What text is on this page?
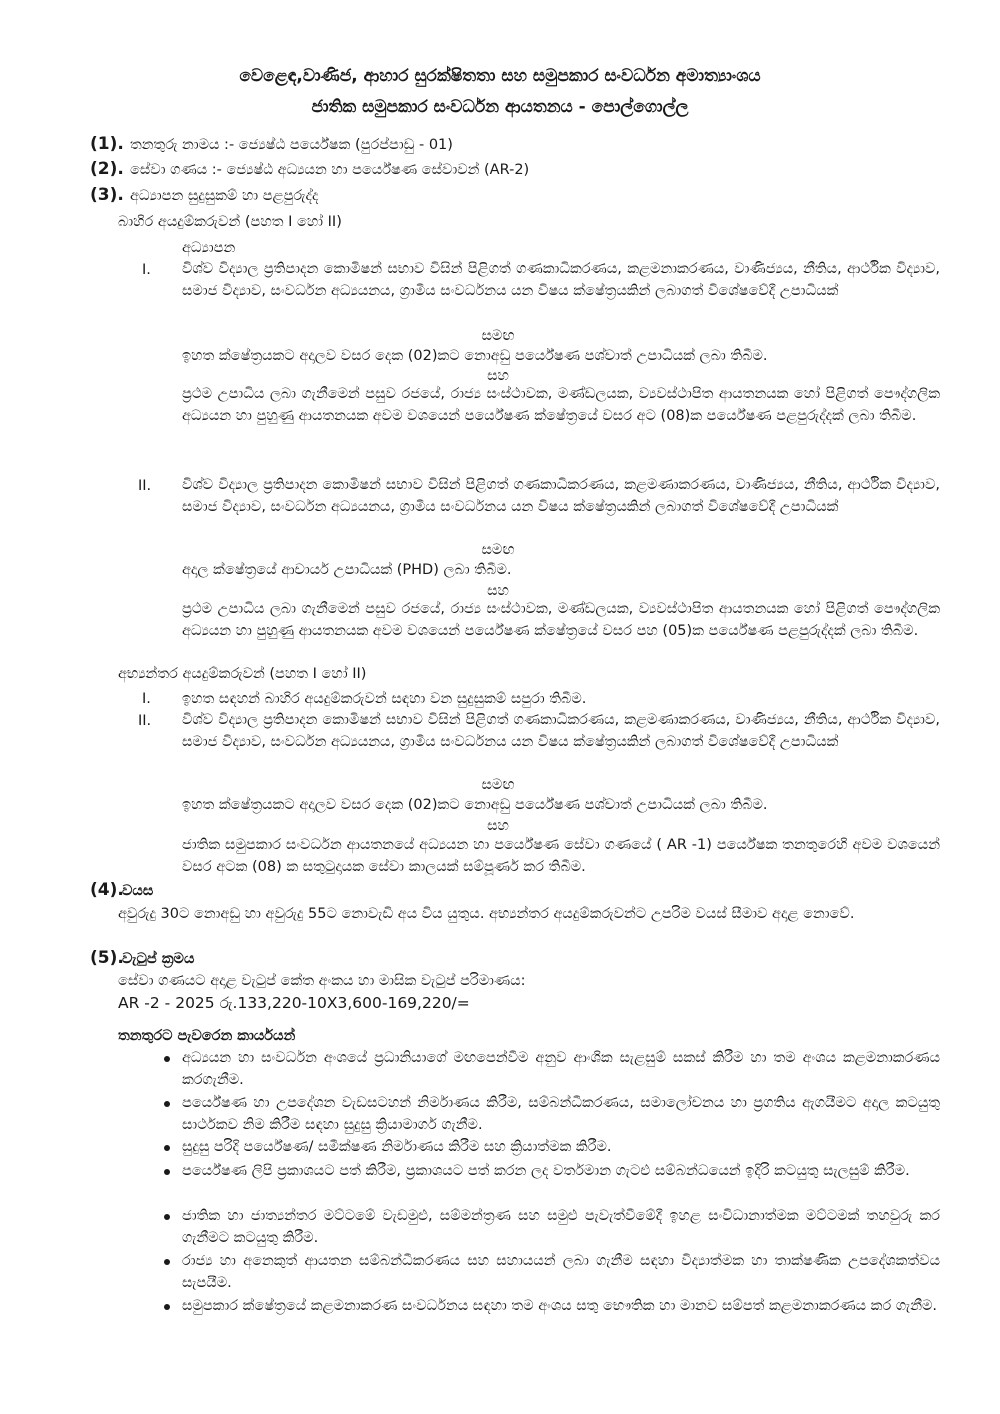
වෙළෙඳ,වාණිජ, ආහාර සුරක්ෂිතතා සහ සමුපකාර සංවර්ධන අමාත්‍යාංශය
ජාතික සමුපකාර සංවර්ධන ආයතනය - පොල්ගොල්ල
(1). තනතුරු නාමය :- ජ්‍යෙෂ්ඨ පර්යේෂක (පුරප්පාඩු - 01)
(2). සේවා ගණය :- ජ්‍යෙෂ්ඨ අධ්‍යයන හා පර්යේෂණ සේවාවන් (AR-2)
(3). අධ්‍යාපන සුදුසුකම් හා පළපුරුද්ද
බාහිර අයදුම්කරුවන් (පහත I හෝ II)
අධ්‍යාපන
I. විශ්ව විද්‍යාල ප්‍රතිපාදන කොමිෂන් සභාව විසින් පිළිගත් ගණකාධිකරණය, කළමනාකරණය, වාණිජ්‍යය, නීතිය, ආර්ථික විද්‍යාව, සමාජ විද්‍යාව, සංවර්ධන අධ්‍යයනය, ග්‍රාමීය සංවර්ධනය යන විෂය ක්ෂේත්‍රයකින් ලබාගත් විශේෂවේදී උපාධියක්
සමඟ
ඉහත ක්ෂේත්‍රයකට අදාලව වසර දෙක (02)කට නොඅඩු පර්යේෂණ පශ්චාත් උපාධියක් ලබා තිබීම.
සහ
ප්‍රථම උපාධිය ලබා ගැනීමෙන් පසුව රජයේ, රාජ්‍ය සංස්ථාවක, මණ්ඩලයක, ව්‍යවස්ථාපිත ආයතනයක හෝ පිළිගත් පෞද්ගලික අධ්‍යයන හා පුහුණු ආයතනයක අවම වශයෙන් පර්යේෂණ ක්ෂේත්‍රයේ වසර අට (08)ක පර්යේෂණ පළපුරුද්දක් ලබා තිබීම.
II. විශ්ව විද්‍යාල ප්‍රතිපාදන කොමිෂන් සභාව විසින් පිළිගත් ගණකාධිකරණය, කළමණාකරණය, වාණිජ්‍යය, නීතිය, ආර්ථික විද්‍යාව, සමාජ විද්‍යාව, සංවර්ධන අධ්‍යයනය, ග්‍රාමීය සංවර්ධනය යන විෂය ක්ෂේත්‍රයකින් ලබාගත් විශේෂවේදී උපාධියක්
සමඟ
අදාල ක්ෂේත්‍රයේ ආචාර්ය උපාධියක් (PHD) ලබා තිබීම.
සහ
ප්‍රථම උපාධිය ලබා ගැනීමෙන් පසුව රජයේ, රාජ්‍ය සංස්ථාවක, මණ්ඩලයක, ව්‍යවස්ථාපිත ආයතනයක හෝ පිළිගත් පෞද්ගලික අධ්‍යයන හා පුහුණු ආයතනයක අවම වශයෙන් පර්යේෂණ ක්ෂේත්‍රයේ වසර පහ (05)ක පර්යේෂණ පළපුරුද්දක් ලබා තිබීම.
අභ්‍යන්තර අයදුම්කරුවන් (පහත I හෝ II)
I. ඉහත සඳහන් බාහිර අයදුම්කරුවන් සඳහා වන සුදුසුකම් සපුරා තිබීම.
II. විශ්ව විද්‍යාල ප්‍රතිපාදන කොමිෂන් සභාව විසින් පිළිගත් ගණකාධිකරණය, කළමණාකරණය, වාණිජ්‍යය, නීතිය, ආර්ථික විද්‍යාව, සමාජ විද්‍යාව, සංවර්ධන අධ්‍යයනය, ග්‍රාමීය සංවර්ධනය යන විෂය ක්ෂේත්‍රයකින් ලබාගත් විශේෂවේදී උපාධියක්
සමඟ
ඉහත ක්ෂේත්‍රයකට අදාලව වසර දෙක (02)කට නොඅඩු පර්යේෂණ පශ්චාත් උපාධියක් ලබා තිබීම.
සහ
ජාතික සමුපකාර සංවර්ධන ආයතනයේ අධ්‍යයන හා පර්යේෂණ සේවා ගණයේ ( AR -1) පර්යේෂක තනතුරෙහි අවම වශයෙන් වසර අටක (08) ක සතුටුදායක සේවා කාලයක් සම්පූර්ණ කර තිබීම.
(4).
වයස
අවුරුදු 30ට නොඅඩු හා අවුරුදු 55ට නොවැඩි අය විය යුතුය. අභ්‍යන්තර අයදුම්කරුවන්ට උපරිම වයස් සීමාව අදාළ නොවේ.
(5).
වැටුප් ක්‍රමය
සේවා ගණයට අදාළ වැටුප් කේත අංකය හා මාසික වැටුප් පරිමාණය:
AR -2 - 2025 රු.133,220-10X3,600-169,220/=
තනතුරට පැවරෙන කාර්යයන්
අධ්‍යයන හා සංවර්ධන අංශයේ ප්‍රධානියාගේ මඟපෙන්වීම අනුව ආංශික සැළසුම් සකස් කිරීම හා තම අංශය කළමනාකරණය කරගැනීම.
පර්යේෂණ හා උපදේශන වැඩසටහන් නිර්මාණය කිරීම, සම්බන්ධීකරණය, සමාලෝචනය හා ප්‍රගතිය ඇගයීමට අදාල කටයුතු සාර්ථකව නිම කිරීම සඳහා සුදුසු ක්‍රියාමාර්ග ගැනීම.
සුදුසු පරිදි පර්යේෂණ/ සමීක්ෂණ නිර්මාණය කිරීම සහ ක්‍රියාත්මක කිරීම.
පර්යේෂණ ලිපි ප්‍රකාශයට පත් කිරීම, ප්‍රකාශයට පත් කරන ලද වර්තමාන ගැටළු සම්බන්ධයෙන් ඉදිරි කටයුතු සැලසුම් කිරීම.
ජාතික හා ජාත්‍යන්තර මට්ටමේ වැඩමුළු, සම්මන්ත්‍රණ සහ සමුළු පැවැත්වීමේදී ඉහළ සංවිධානාත්මක මට්ටමක් තහවුරු කර ගැනීමට කටයුතු කිරීම.
රාජ්‍ය හා අනෙකුත් ආයතන සම්බන්ධීකරණය සහ සහායයන් ලබා ගැනීම සඳහා විද්‍යාත්මක හා තාක්ෂණික උපදේශකත්වය සැපයීම.
සමුපකාර ක්ෂේත්‍රයේ කළමනාකරණ සංවර්ධනය සඳහා තම අංශය සතු භෞතික හා මානව සම්පත් කළමනාකරණය කර ගැනීම.
